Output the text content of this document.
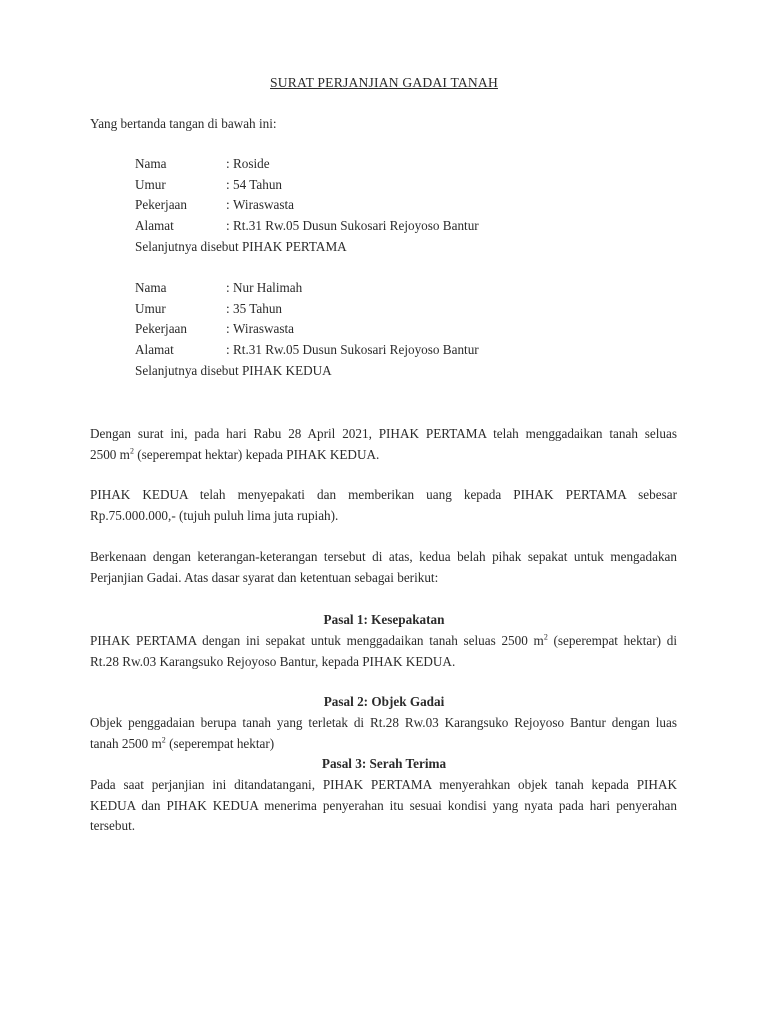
SURAT PERJANJIAN GADAI TANAH
Yang bertanda tangan di bawah ini:
Nama	: Roside
Umur	: 54 Tahun
Pekerjaan	: Wiraswasta
Alamat	: Rt.31 Rw.05 Dusun Sukosari Rejoyoso Bantur
Selanjutnya disebut PIHAK PERTAMA
Nama	: Nur Halimah
Umur	: 35 Tahun
Pekerjaan	: Wiraswasta
Alamat	: Rt.31 Rw.05 Dusun Sukosari Rejoyoso Bantur
Selanjutnya disebut PIHAK KEDUA
Dengan surat ini, pada hari Rabu 28 April 2021, PIHAK PERTAMA telah menggadaikan tanah seluas
2500 $m^2$ (seperempat hektar) kepada PIHAK KEDUA.
PIHAK KEDUA telah menyepakati dan memberikan uang kepada PIHAK PERTAMA sebesar
Rp.75.000.000,- (tujuh puluh lima juta rupiah).
Berkenaan dengan keterangan-keterangan tersebut di atas, kedua belah pihak sepakat untuk mengadakan
Perjanjian Gadai. Atas dasar syarat dan ketentuan sebagai berikut:
Pasal 1: Kesepakatan
PIHAK PERTAMA dengan ini sepakat untuk menggadaikan tanah seluas 2500 $m^2$ (seperempat hektar) di
Rt.28 Rw.03 Karangsuko Rejoyoso Bantur, kepada PIHAK KEDUA.
Pasal 2: Objek Gadai
Objek penggadaian berupa tanah yang terletak di Rt.28 Rw.03 Karangsuko Rejoyoso Bantur dengan luas
tanah 2500 $m^2$ (seperempat hektar)
Pasal 3: Serah Terima
Pada saat perjanjian ini ditandatangani, PIHAK PERTAMA menyerahkan objek tanah kepada PIHAK
KEDUA dan PIHAK KEDUA menerima penyerahan itu sesuai kondisi yang nyata pada hari penyerahan
tersebut.
